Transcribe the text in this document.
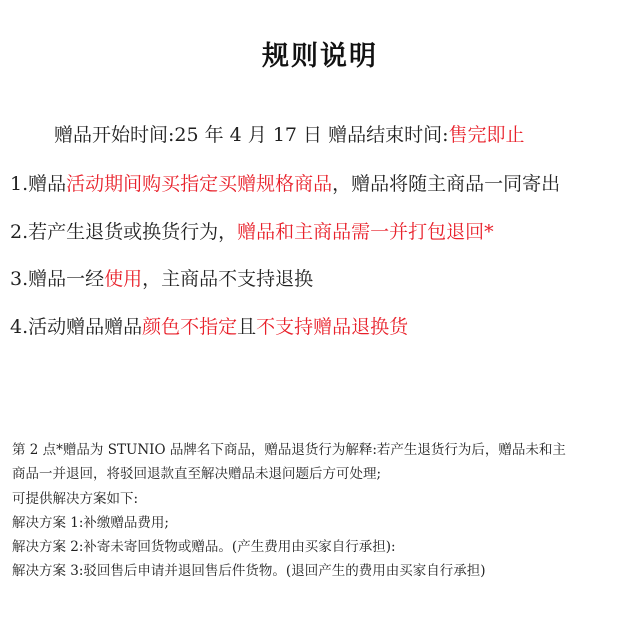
规则说明
赠品开始时间:25 年 4 月 17 日 赠品结束时间:售完即止
1.赠品活动期间购买指定买赠规格商品，赠品将随主商品一同寄出
2.若产生退货或换货行为，赠品和主商品需一并打包退回*
3.赠品一经使用，主商品不支持退换
4.活动赠品赠品颜色不指定且不支持赠品退换货
第 2 点*赠品为 STUNIO 品牌名下商品，赠品退货行为解释:若产生退货行为后，赠品未和主
商品一并退回，将驳回退款直至解决赠品未退问题后方可处理;
可提供解决方案如下:
解决方案 1:补缴赠品费用;
解决方案 2:补寄未寄回货物或赠品。(产生费用由买家自行承担):
解决方案 3:驳回售后申请并退回售后件货物。(退回产生的费用由买家自行承担)
